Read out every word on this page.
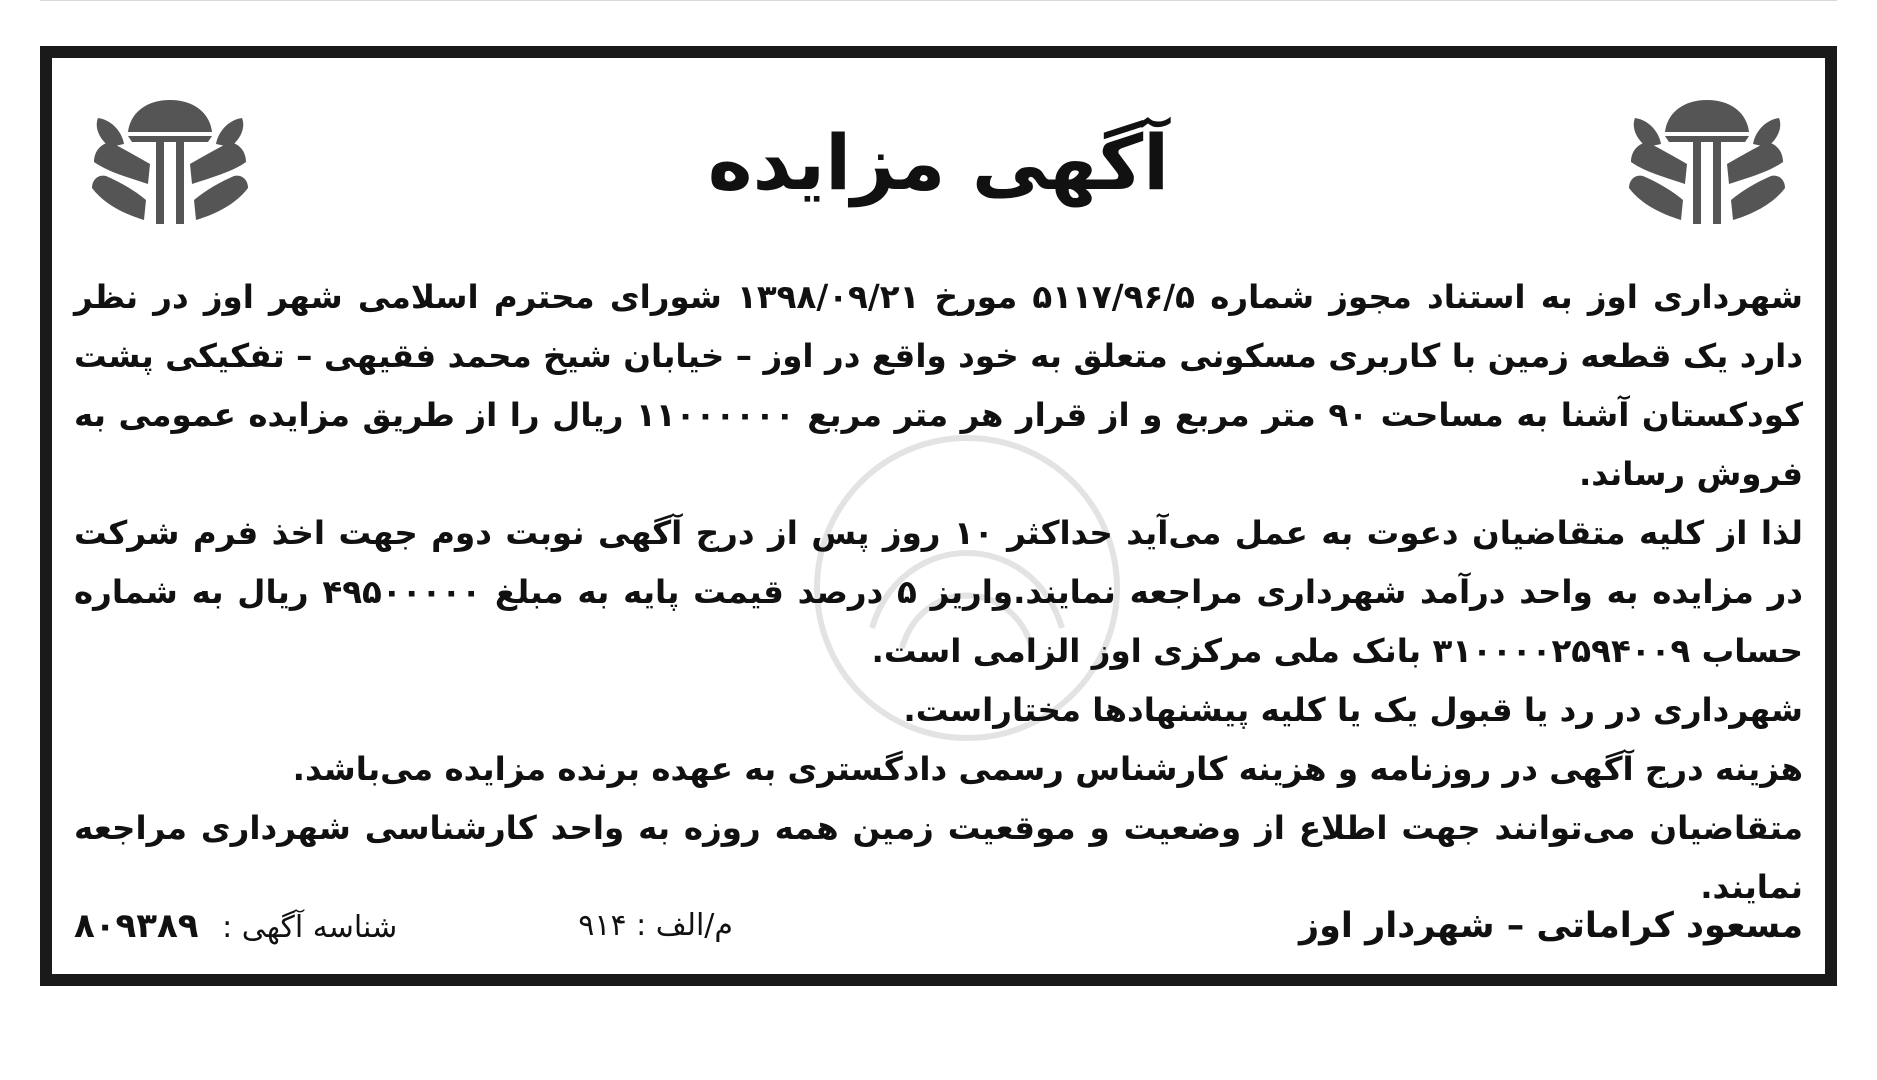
آگهی مزایده

شهرداری اوز به استناد مجوز شماره ۵۱۱۷/۹۶/۵ مورخ ۱۳۹۸/۰۹/۲۱ شورای محترم اسلامی شهر اوز در نظر دارد یک قطعه زمین با کاربری مسکونی متعلق به خود واقع در اوز – خیابان شیخ محمد فقیهی – تفکیکی پشت کودکستان آشنا به مساحت ۹۰ متر مربع و از قرار هر متر مربع ۱۱۰۰۰۰۰۰ ریال را از طریق مزایده عمومی به فروش رساند.

لذا از کلیه متقاضیان دعوت به عمل می‌آید حداکثر ۱۰ روز پس از درج آگهی نوبت دوم جهت اخذ فرم شرکت در مزایده به واحد درآمد شهرداری مراجعه نمایند.واریز ۵ درصد قیمت پایه به مبلغ ۴۹۵۰۰۰۰۰ ریال به شماره حساب ۳۱۰۰۰۰۲۵۹۴۰۰۹ بانک ملی مرکزی اوز الزامی است.

شهرداری در رد یا قبول یک یا کلیه پیشنهادها مختاراست.

هزینه درج آگهی در روزنامه و هزینه کارشناس رسمی دادگستری به عهده برنده مزایده می‌باشد.

متقاضیان می‌توانند جهت اطلاع از وضعیت و موقعیت زمین همه روزه به واحد کارشناسی شهرداری مراجعه نمایند.

مسعود کراماتی – شهردار اوز
م/الف : ۹۱۴
شناسه آگهی : ۸۰۹۳۸۹
